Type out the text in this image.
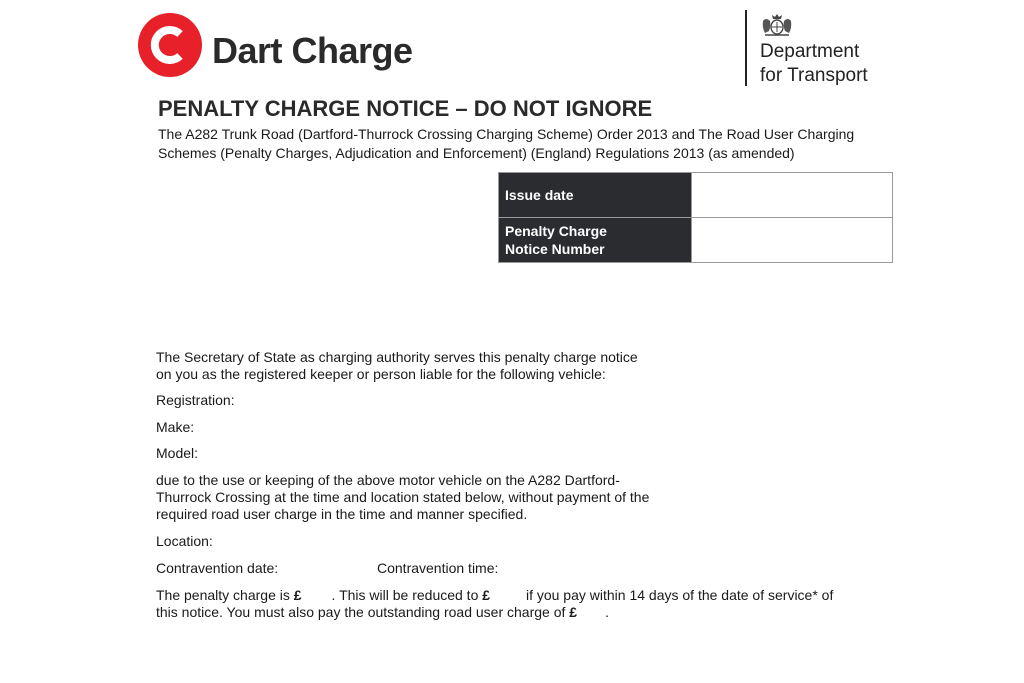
Dart Charge	Department
for Transport
PENALTY CHARGE NOTICE – DO NOT IGNORE
The A282 Trunk Road (Dartford-Thurrock Crossing Charging Scheme) Order 2013 and The Road User Charging
Schemes (Penalty Charges, Adjudication and Enforcement) (England) Regulations 2013 (as amended)
Issue date	

Penalty Charge
Notice Number	

The Secretary of State as charging authority serves this penalty charge notice
on you as the registered keeper or person liable for the following vehicle:
Registration:
Make:
Model:
due to the use or keeping of the above motor vehicle on the A282 Dartford-
Thurrock Crossing at the time and location stated below, without payment of the
required road user charge in the time and manner specified.
Location:
Contravention date:	Contravention time:
The penalty charge is £ . This will be reduced to £ if you pay within 14 days of the date of service* of
this notice. You must also pay the outstanding road user charge of £ .
